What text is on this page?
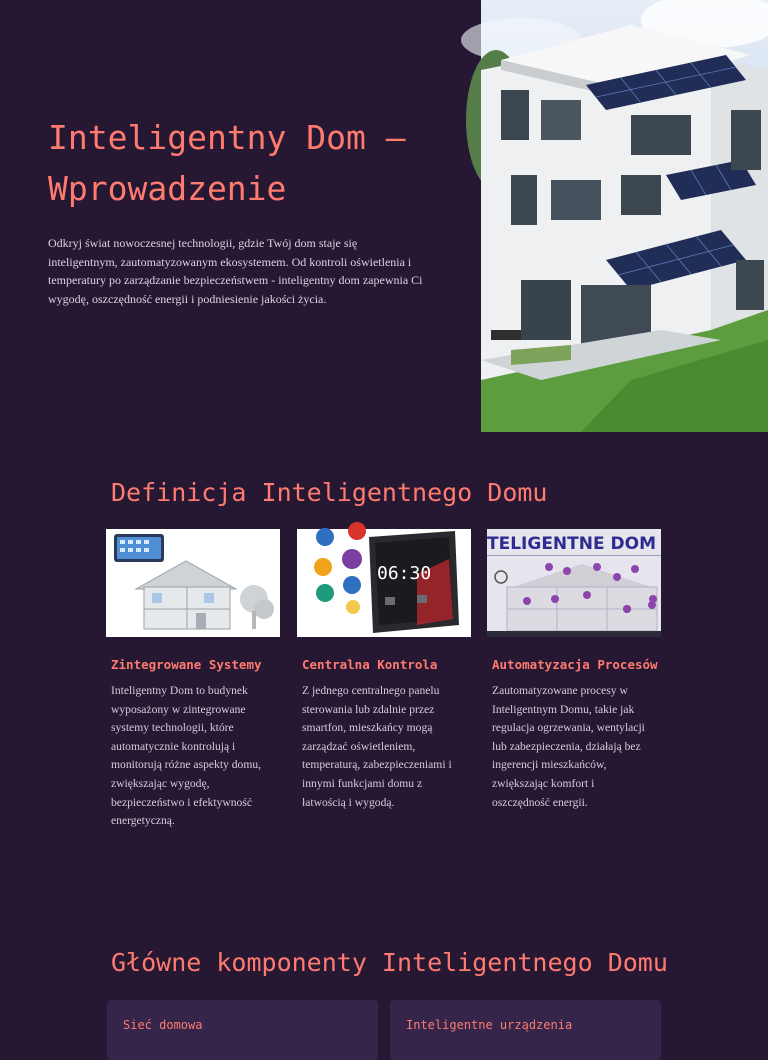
Inteligentny Dom – Wprowadzenie

Odkryj świat nowoczesnej technologii, gdzie Twój dom staje się inteligentnym, zautomatyzowanym ekosystemem. Od kontroli oświetlenia i temperatury po zarządzanie bezpieczeństwem - inteligentny dom zapewnia Ci wygodę, oszczędność energii i podniesienie jakości życia.

Definicja Inteligentnego Domu
Zintegrowane Systemy

Inteligentny Dom to budynek wyposażony w zintegrowane systemy technologii, które automatycznie kontrolują i monitorują różne aspekty domu, zwiększając wygodę, bezpieczeństwo i efektywność energetyczną.

06:30
Centralna Kontrola

Z jednego centralnego panelu sterowania lub zdalnie przez smartfon, mieszkańcy mogą zarządzać oświetleniem, temperaturą, zabezpieczeniami i innymi funkcjami domu z łatwością i wygodą.

TELIGENTNE DOM
Automatyzacja Procesów

Zautomatyzowane procesy w Inteligentnym Domu, takie jak regulacja ogrzewania, wentylacji lub zabezpieczenia, działają bez ingerencji mieszkańców, zwiększając komfort i oszczędność energii.

Główne komponenty Inteligentnego Domu
Sieć domowa	Inteligentne urządzenia
